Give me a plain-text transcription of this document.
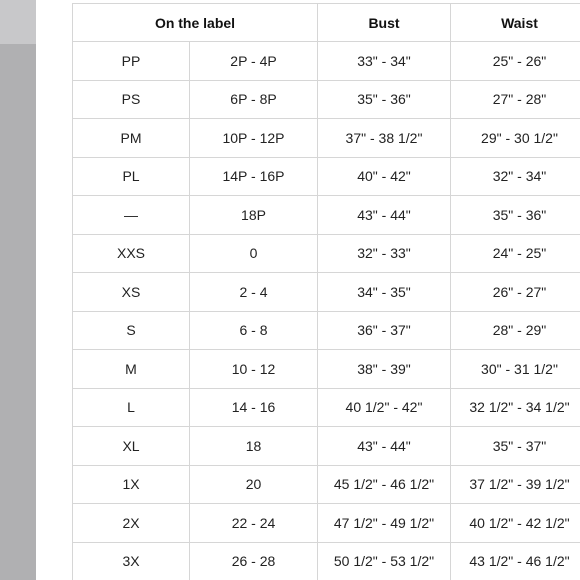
On the label		Bust	Waist
PP	2P - 4P	33" - 34"	25" - 26"
PS	6P - 8P	35" - 36"	27" - 28"
PM	10P - 12P	37" - 38 1/2"	29" - 30 1/2"
PL	14P - 16P	40" - 42"	32" - 34"
—	18P	43" - 44"	35" - 36"
XXS	0	32" - 33"	24" - 25"
XS	2 - 4	34" - 35"	26" - 27"
S	6 - 8	36" - 37"	28" - 29"
M	10 - 12	38" - 39"	30" - 31 1/2"
L	14 - 16	40 1/2" - 42"	32 1/2" - 34 1/2"
XL	18	43" - 44"	35" - 37"
1X	20	45 1/2" - 46 1/2"	37 1/2" - 39 1/2"
2X	22 - 24	47 1/2" - 49 1/2"	40 1/2" - 42 1/2"
3X	26 - 28	50 1/2" - 53 1/2"	43 1/2" - 46 1/2"
